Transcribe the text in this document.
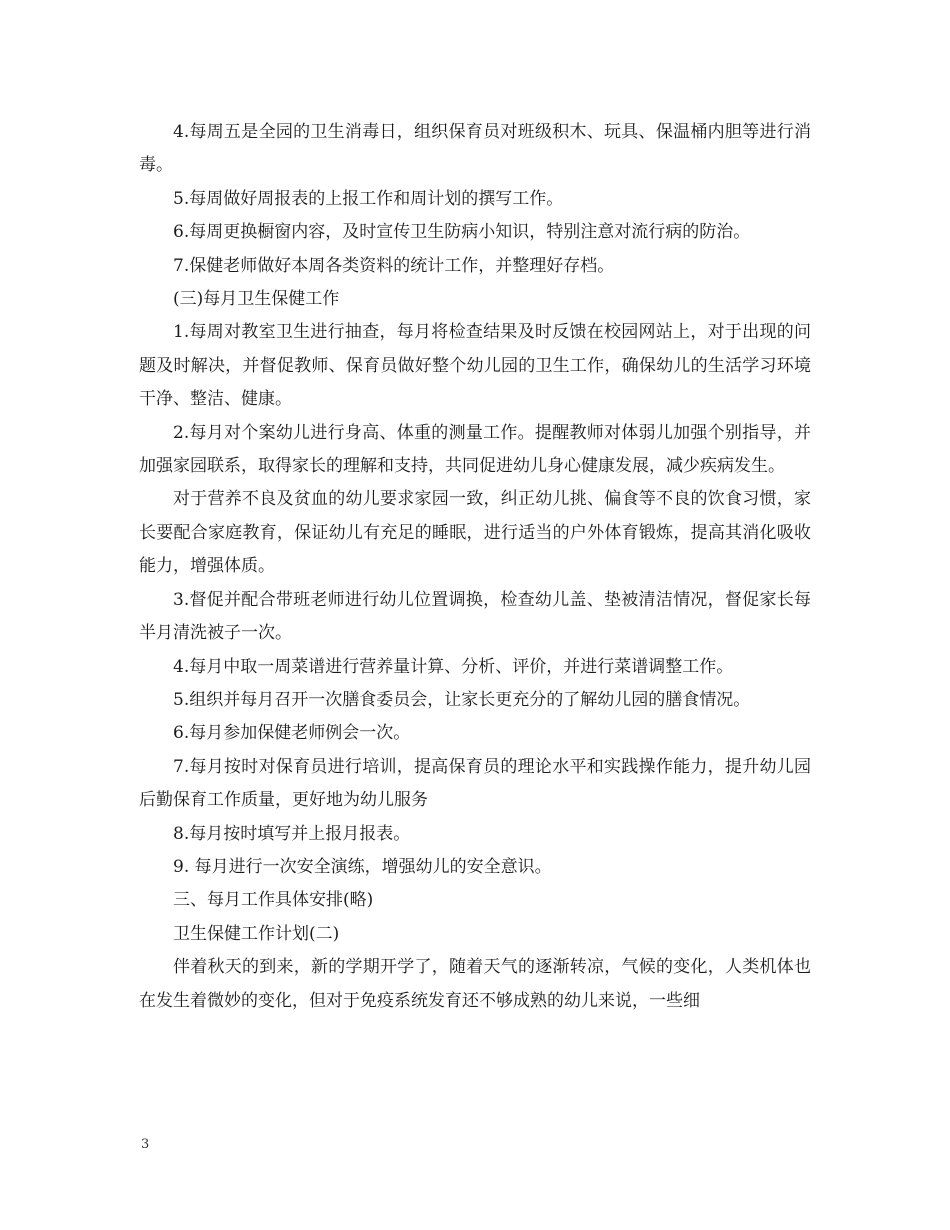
4.每周五是全园的卫生消毒日，组织保育员对班级积木、玩具、保温桶内胆等进行消毒。

5.每周做好周报表的上报工作和周计划的撰写工作。

6.每周更换橱窗内容，及时宣传卫生防病小知识，特别注意对流行病的防治。

7.保健老师做好本周各类资料的统计工作，并整理好存档。

(三)每月卫生保健工作

1.每周对教室卫生进行抽查，每月将检查结果及时反馈在校园网站上，对于出现的问题及时解决，并督促教师、保育员做好整个幼儿园的卫生工作，确保幼儿的生活学习环境干净、整洁、健康。

2.每月对个案幼儿进行身高、体重的测量工作。提醒教师对体弱儿加强个别指导，并加强家园联系，取得家长的理解和支持，共同促进幼儿身心健康发展，减少疾病发生。

对于营养不良及贫血的幼儿要求家园一致，纠正幼儿挑、偏食等不良的饮食习惯，家长要配合家庭教育，保证幼儿有充足的睡眠，进行适当的户外体育锻炼，提高其消化吸收能力，增强体质。

3.督促并配合带班老师进行幼儿位置调换，检查幼儿盖、垫被清洁情况，督促家长每半月清洗被子一次。

4.每月中取一周菜谱进行营养量计算、分析、评价，并进行菜谱调整工作。

5.组织并每月召开一次膳食委员会，让家长更充分的了解幼儿园的膳食情况。

6.每月参加保健老师例会一次。

7.每月按时对保育员进行培训，提高保育员的理论水平和实践操作能力，提升幼儿园后勤保育工作质量，更好地为幼儿服务

8.每月按时填写并上报月报表。

9. 每月进行一次安全演练，增强幼儿的安全意识。

三、每月工作具体安排(略)

卫生保健工作计划(二)

伴着秋天的到来，新的学期开学了，随着天气的逐渐转凉，气候的变化，人类机体也在发生着微妙的变化，但对于免疫系统发育还不够成熟的幼儿来说，一些细

3
